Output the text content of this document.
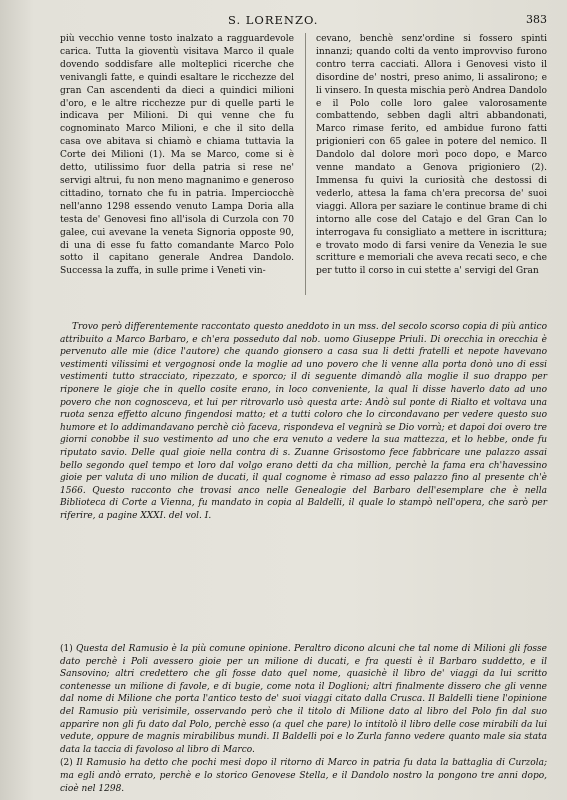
S. LORENZO.	383

più vecchio venne tosto inalzato a ragguardevole carica. Tutta la gioventù visitava Marco il quale dovendo soddisfare alle molteplici ricerche che venivangli fatte, e quindi esaltare le ricchezze del gran Can ascendenti da dieci a quindici milioni d'oro, e le altre ricchezze pur di quelle parti le indicava per Milioni. Di qui venne che fu cognominato Marco Milioni, e che il sito della casa ove abitava si chiamò e chiama tuttavia la Corte dei Milioni (1). Ma se Marco, come si è detto, utilissimo fuor della patria si rese ne' servigi altrui, fu non meno magnanimo e generoso cittadino, tornato che fu in patria. Imperciocchè nell'anno 1298 essendo venuto Lampa Doria alla testa de' Genovesi fino all'isola di Curzola con 70 galee, cui avevane la veneta Signoria opposte 90, di una di esse fu fatto comandante Marco Polo sotto il capitano generale Andrea Dandolo. Successa la zuffa, in sulle prime i Veneti vin-

cevano, benchè senz'ordine si fossero spinti innanzi; quando colti da vento improvviso furono contro terra cacciati. Allora i Genovesi visto il disordine de' nostri, preso animo, li assalirono; e li vinsero. In questa mischia però Andrea Dandolo e il Polo colle loro galee valorosamente combattendo, sebben dagli altri abbandonati, Marco rimase ferito, ed ambidue furono fatti prigionieri con 65 galee in potere del nemico. Il Dandolo dal dolore morì poco dopo, e Marco venne mandato a Genova prigioniero (2). Immensa fu quivi la curiosità che destossi di vederlo, attesa la fama ch'era precorsa de' suoi viaggi. Allora per saziare le continue brame di chi intorno alle cose del Catajo e del Gran Can lo interrogava fu consigliato a mettere in iscrittura; e trovato modo di farsi venire da Venezia le sue scritture e memoriali che aveva recati seco, e che per tutto il corso in cui stette a' servigi del Gran

Trovo però differentemente raccontato questo aneddoto in un mss. del secolo scorso copia di più antico attribuito a Marco Barbaro, e ch'era posseduto dal nob. uomo Giuseppe Priuli. Di orecchia in orecchia è pervenuto alle mie (dice l'autore) che quando gionsero a casa sua li detti fratelli et nepote havevano vestimenti vilissimi et vergognosi onde la moglie ad uno povero che li venne alla porta donò uno di essi vestimenti tutto stracciato, ripezzato, e sporco; il di seguente dimandò alla moglie il suo drappo per riponere le gioje che in quello cosite erano, in loco conveniente, la qual li disse haverlo dato ad uno povero che non cognosceva, et lui per ritrovarlo usò questa arte: Andò sul ponte di Rialto et voltava una ruota senza effetto alcuno fingendosi matto; et a tutti coloro che lo circondavano per vedere questo suo humore et lo addimandavano perchè ciò faceva, rispondeva el vegnirà se Dio vorrà; et dapoi doi overo tre giorni conobbe il suo vestimento ad uno che era venuto a vedere la sua mattezza, et lo hebbe, onde fu riputato savio. Delle qual gioie nella contra di s. Zuanne Grisostomo fece fabbricare une palazzo assai bello segondo quel tempo et loro dal volgo erano detti da cha million, perchè la fama era ch'havessino gioie per valuta di uno milion de ducati, il qual cognome è rimaso ad esso palazzo fino al presente ch'è 1566. Questo racconto che trovasi anco nelle Genealogie del Barbaro dell'esemplare che è nella Biblioteca di Corte a Vienna, fu mandato in copia al Baldelli, il quale lo stampò nell'opera, che sarò per riferire, a pagine XXXI. del vol. I.

(1) Questa del Ramusio è la più comune opinione. Peraltro dicono alcuni che tal nome di Milioni gli fosse dato perchè i Poli avessero gioie per un milione di ducati, e fra questi è il Barbaro suddetto, e il Sansovino; altri credettero che gli fosse dato quel nome, quasichè il libro de' viaggi da lui scritto contenesse un milione di favole, e di bugie, come nota il Doglioni; altri finalmente dissero che gli venne dal nome di Milione che porta l'antico testo de' suoi viaggi citato dalla Crusca. Il Baldelli tiene l'opinione del Ramusio più verisimile, osservando però che il titolo di Milione dato al libro del Polo fin dal suo apparire non gli fu dato dal Polo, perchè esso (a quel che pare) lo intitolò il libro delle cose mirabili da lui vedute, oppure de magnis mirabilibus mundi. Il Baldelli poi e lo Zurla fanno vedere quanto male sia stata data la taccia di favoloso al libro di Marco.

(2) Il Ramusio ha detto che pochi mesi dopo il ritorno di Marco in patria fu data la battaglia di Curzola; ma egli andò errato, perchè e lo storico Genovese Stella, e il Dandolo nostro la pongono tre anni dopo, cioè nel 1298.
